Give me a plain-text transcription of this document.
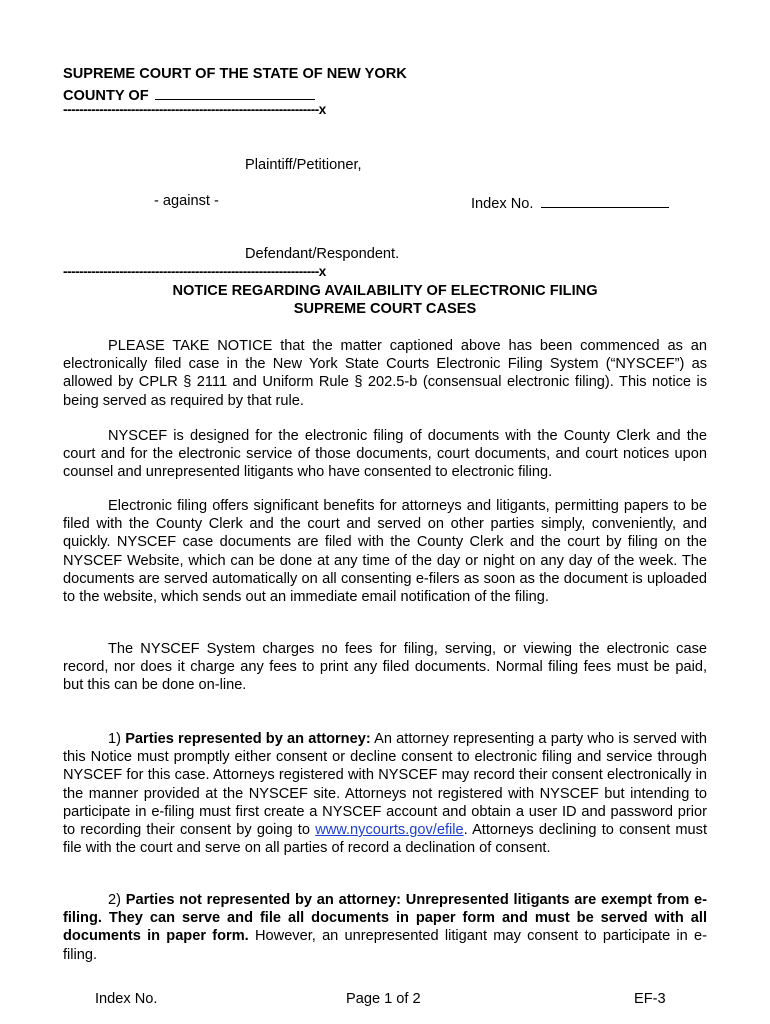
SUPREME COURT OF THE STATE OF NEW YORK
COUNTY OF
----------------------------------------------------------------x
Plaintiff/Petitioner,
- against -	Index No.
Defendant/Respondent.
----------------------------------------------------------------x
NOTICE REGARDING AVAILABILITY OF ELECTRONIC FILING
SUPREME COURT CASES
PLEASE TAKE NOTICE that the matter captioned above has been commenced as an electronically filed case in the New York State Courts Electronic Filing System (“NYSCEF”) as allowed by CPLR § 2111 and Uniform Rule § 202.5-b (consensual electronic filing). This notice is being served as required by that rule.
NYSCEF is designed for the electronic filing of documents with the County Clerk and the court and for the electronic service of those documents, court documents, and court notices upon counsel and unrepresented litigants who have consented to electronic filing.
Electronic filing offers significant benefits for attorneys and litigants, permitting papers to be filed with the County Clerk and the court and served on other parties simply, conveniently, and quickly. NYSCEF case documents are filed with the County Clerk and the court by filing on the NYSCEF Website, which can be done at any time of the day or night on any day of the week. The documents are served automatically on all consenting e-filers as soon as the document is uploaded to the website, which sends out an immediate email notification of the filing.
The NYSCEF System charges no fees for filing, serving, or viewing the electronic case record, nor does it charge any fees to print any filed documents. Normal filing fees must be paid, but this can be done on-line.
1) Parties represented by an attorney: An attorney representing a party who is served with this Notice must promptly either consent or decline consent to electronic filing and service through NYSCEF for this case. Attorneys registered with NYSCEF may record their consent electronically in the manner provided at the NYSCEF site. Attorneys not registered with NYSCEF but intending to participate in e-filing must first create a NYSCEF account and obtain a user ID and password prior to recording their consent by going to www.nycourts.gov/efile. Attorneys declining to consent must file with the court and serve on all parties of record a declination of consent.
2) Parties not represented by an attorney: Unrepresented litigants are exempt from e-filing. They can serve and file all documents in paper form and must be served with all documents in paper form. However, an unrepresented litigant may consent to participate in e-filing.
Index No.	Page 1 of 2	EF-3
